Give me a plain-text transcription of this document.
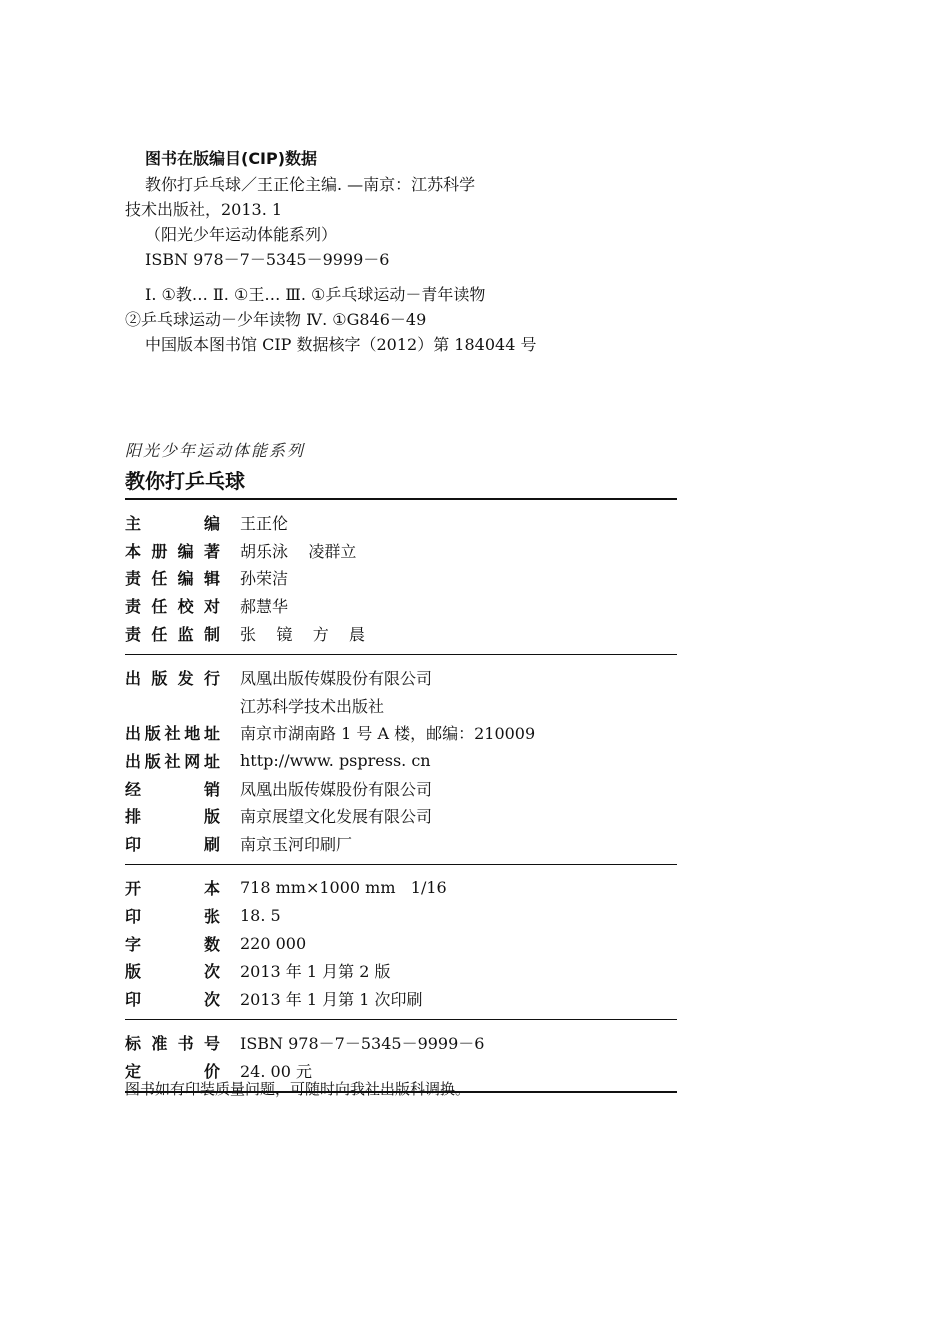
图书在版编目(CIP)数据
教你打乒乓球／王正伦主编. —南京：江苏科学
技术出版社，2013. 1
（阳光少年运动体能系列）
ISBN 978－7－5345－9999－6
Ⅰ. ①教… Ⅱ. ①王… Ⅲ. ①乒乓球运动－青年读物
②乒乓球运动－少年读物 Ⅳ. ①G846－49
中国版本图书馆 CIP 数据核字（2012）第 184044 号
阳光少年运动体能系列
教你打乒乓球
主编 王正伦
本册编著 胡乐泳    凌群立
责任编辑 孙荣洁
责任校对 郝慧华
责任监制 张    镜    方    晨
出版发行 凤凰出版传媒股份有限公司
江苏科学技术出版社
出版社地址 南京市湖南路 1 号 A 楼，邮编：210009
出版社网址 http://www. pspress. cn
经销 凤凰出版传媒股份有限公司
排版 南京展望文化发展有限公司
印刷 南京玉河印刷厂
开本 718 mm×1000 mm   1/16
印张 18. 5
字数 220 000
版次 2013 年 1 月第 2 版
印次 2013 年 1 月第 1 次印刷
标准书号 ISBN 978－7－5345－9999－6
定价 24. 00 元
图书如有印装质量问题，可随时向我社出版科调换。
